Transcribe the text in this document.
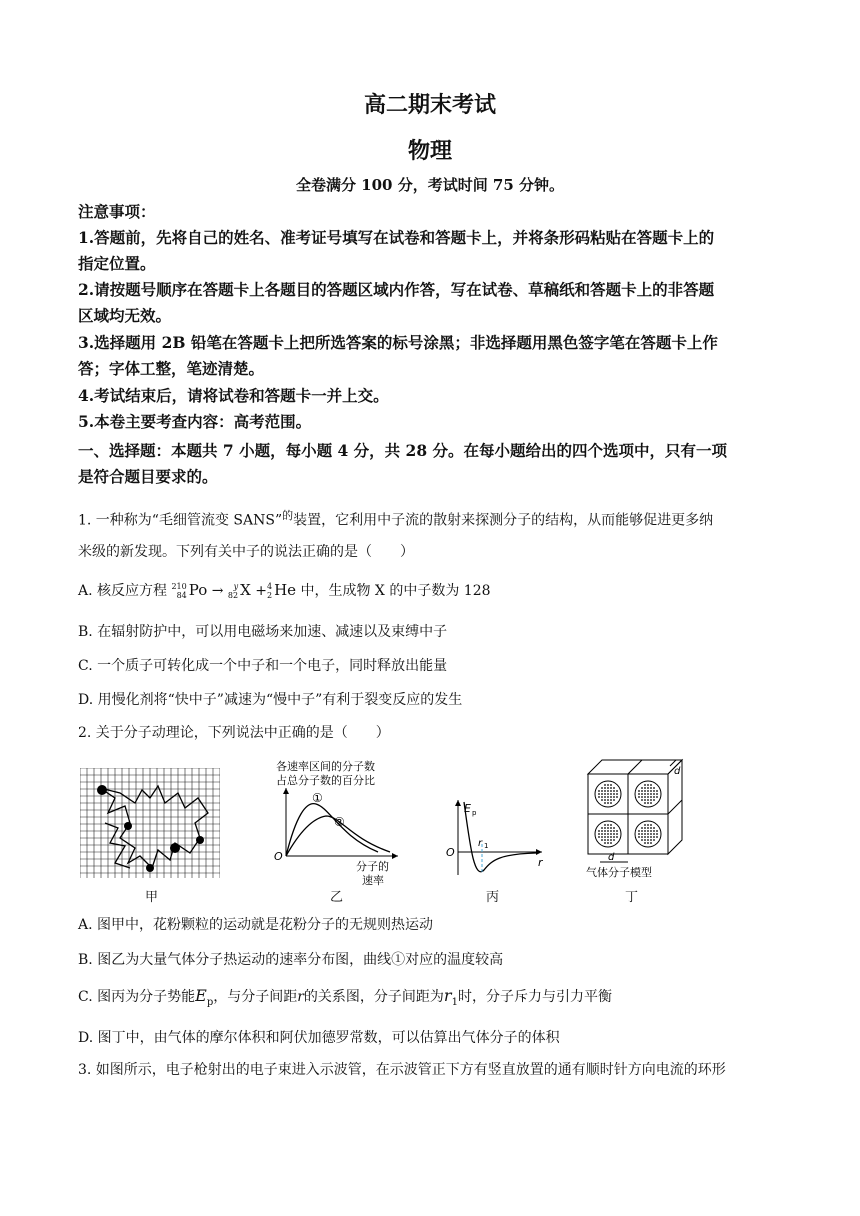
高二期末考试
物理
全卷满分 100 分，考试时间 75 分钟。
注意事项：
1.答题前，先将自己的姓名、准考证号填写在试卷和答题卡上，并将条形码粘贴在答题卡上的
指定位置。
2.请按题号顺序在答题卡上各题目的答题区域内作答，写在试卷、草稿纸和答题卡上的非答题
区域均无效。
3.选择题用 2B 铅笔在答题卡上把所选答案的标号涂黑；非选择题用黑色签字笔在答题卡上作
答；字体工整，笔迹清楚。
4.考试结束后，请将试卷和答题卡一并上交。
5.本卷主要考查内容：高考范围。
一、选择题：本题共 7 小题，每小题 4 分，共 28 分。在每小题给出的四个选项中，只有一项
是符合题目要求的。
1. 一种称为“毛细管流变 SANS”$^的$装置，它利用中子流的散射来探测分子的结构，从而能够促进更多纳
米级的新发现。下列有关中子的说法正确的是（　　）
A. 核反应方程 210
84 Po →	y
82 X + 4
2 He 中，生成物 X 的中子数为 128
B. 在辐射防护中，可以用电磁场来加速、减速以及束缚中子
C. 一个质子可转化成一个中子和一个电子，同时释放出能量
D. 用慢化剂将“快中子”减速为“慢中子”有利于裂变反应的发生
2. 关于分子动理论，下列说法中正确的是（　　）
甲
各速率区间的分子数
占总分子数的百分比
①
②
O
分子的
速率
乙
E p
O
r 1
r
丙
d
d
气体分子模型
丁
A. 图甲中，花粉颗粒的运动就是花粉分子的无规则热运动
B. 图乙为大量气体分子热运动的速率分布图，曲线①对应的温度较高
C. 图丙为分子势能$E_p$，与分子间距r的关系图，分子间距为$r_1$时，分子斥力与引力平衡
D. 图丁中，由气体的摩尔体积和阿伏加德罗常数，可以估算出气体分子的体积
3. 如图所示，电子枪射出的电子束进入示波管，在示波管正下方有竖直放置的通有顺时针方向电流的环形
